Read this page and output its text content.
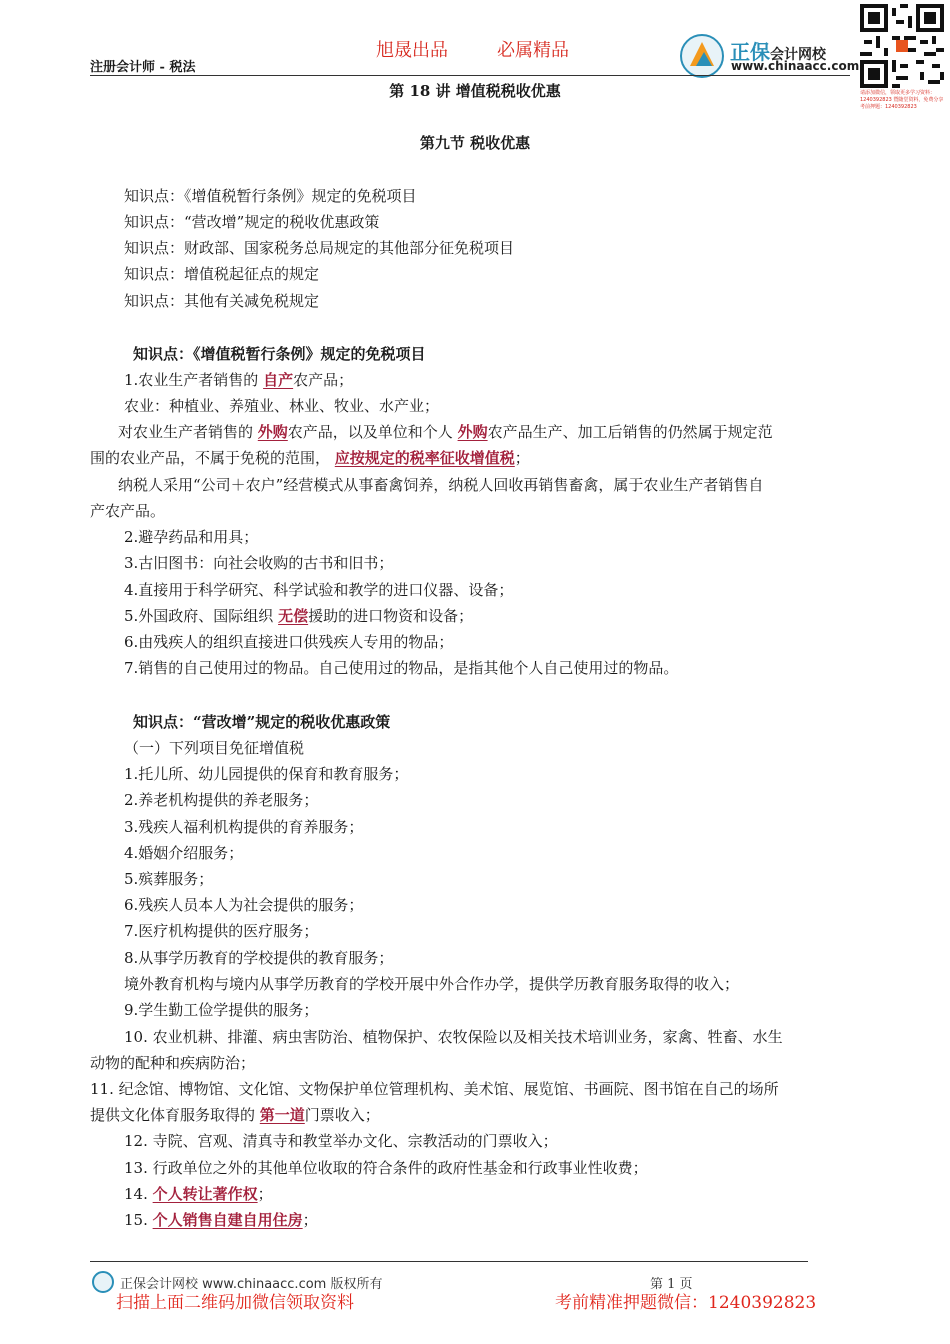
注册会计师 - 税法
旭晟出品	必属精品	正保会计网校
www.chinaacc.com
请添加微信，领取更多学习资料：1240392823 暨随堂资料，免费分享考前押题：1240392823
第 18 讲 增值税税收优惠
第九节 税收优惠
知识点：《增值税暂行条例》规定的免税项目
知识点：“营改增”规定的税收优惠政策
知识点：财政部、国家税务总局规定的其他部分征免税项目
知识点：增值税起征点的规定
知识点：其他有关减免税规定
知识点：《增值税暂行条例》规定的免税项目
1.农业生产者销售的 自产农产品；
农业：种植业、养殖业、林业、牧业、水产业；
对农业生产者销售的 外购农产品，以及单位和个人 外购农产品生产、加工后销售的仍然属于规定范
围的农业产品，不属于免税的范围， 应按规定的税率征收增值税；
纳税人采用“公司＋农户”经营模式从事畜禽饲养，纳税人回收再销售畜禽，属于农业生产者销售自
产农产品。
2.避孕药品和用具；
3.古旧图书：向社会收购的古书和旧书；
4.直接用于科学研究、科学试验和教学的进口仪器、设备；
5.外国政府、国际组织 无偿援助的进口物资和设备；
6.由残疾人的组织直接进口供残疾人专用的物品；
7.销售的自己使用过的物品。自己使用过的物品，是指其他个人自己使用过的物品。
知识点：“营改增”规定的税收优惠政策
（一）下列项目免征增值税
1.托儿所、幼儿园提供的保育和教育服务；
2.养老机构提供的养老服务；
3.残疾人福利机构提供的育养服务；
4.婚姻介绍服务；
5.殡葬服务；
6.残疾人员本人为社会提供的服务；
7.医疗机构提供的医疗服务；
8.从事学历教育的学校提供的教育服务；
境外教育机构与境内从事学历教育的学校开展中外合作办学，提供学历教育服务取得的收入；
9.学生勤工俭学提供的服务；
10. 农业机耕、排灌、病虫害防治、植物保护、农牧保险以及相关技术培训业务，家禽、牲畜、水生
动物的配种和疾病防治；
11. 纪念馆、博物馆、文化馆、文物保护单位管理机构、美术馆、展览馆、书画院、图书馆在自己的场所
提供文化体育服务取得的 第一道门票收入；
12. 寺院、宫观、清真寺和教堂举办文化、宗教活动的门票收入；
13. 行政单位之外的其他单位收取的符合条件的政府性基金和行政事业性收费；
14. 个人转让著作权；
15. 个人销售自建自用住房；
正保会计网校 www.chinaacc.com 版权所有	第 1 页
扫描上面二维码加微信领取资料	考前精准押题微信：1240392823
